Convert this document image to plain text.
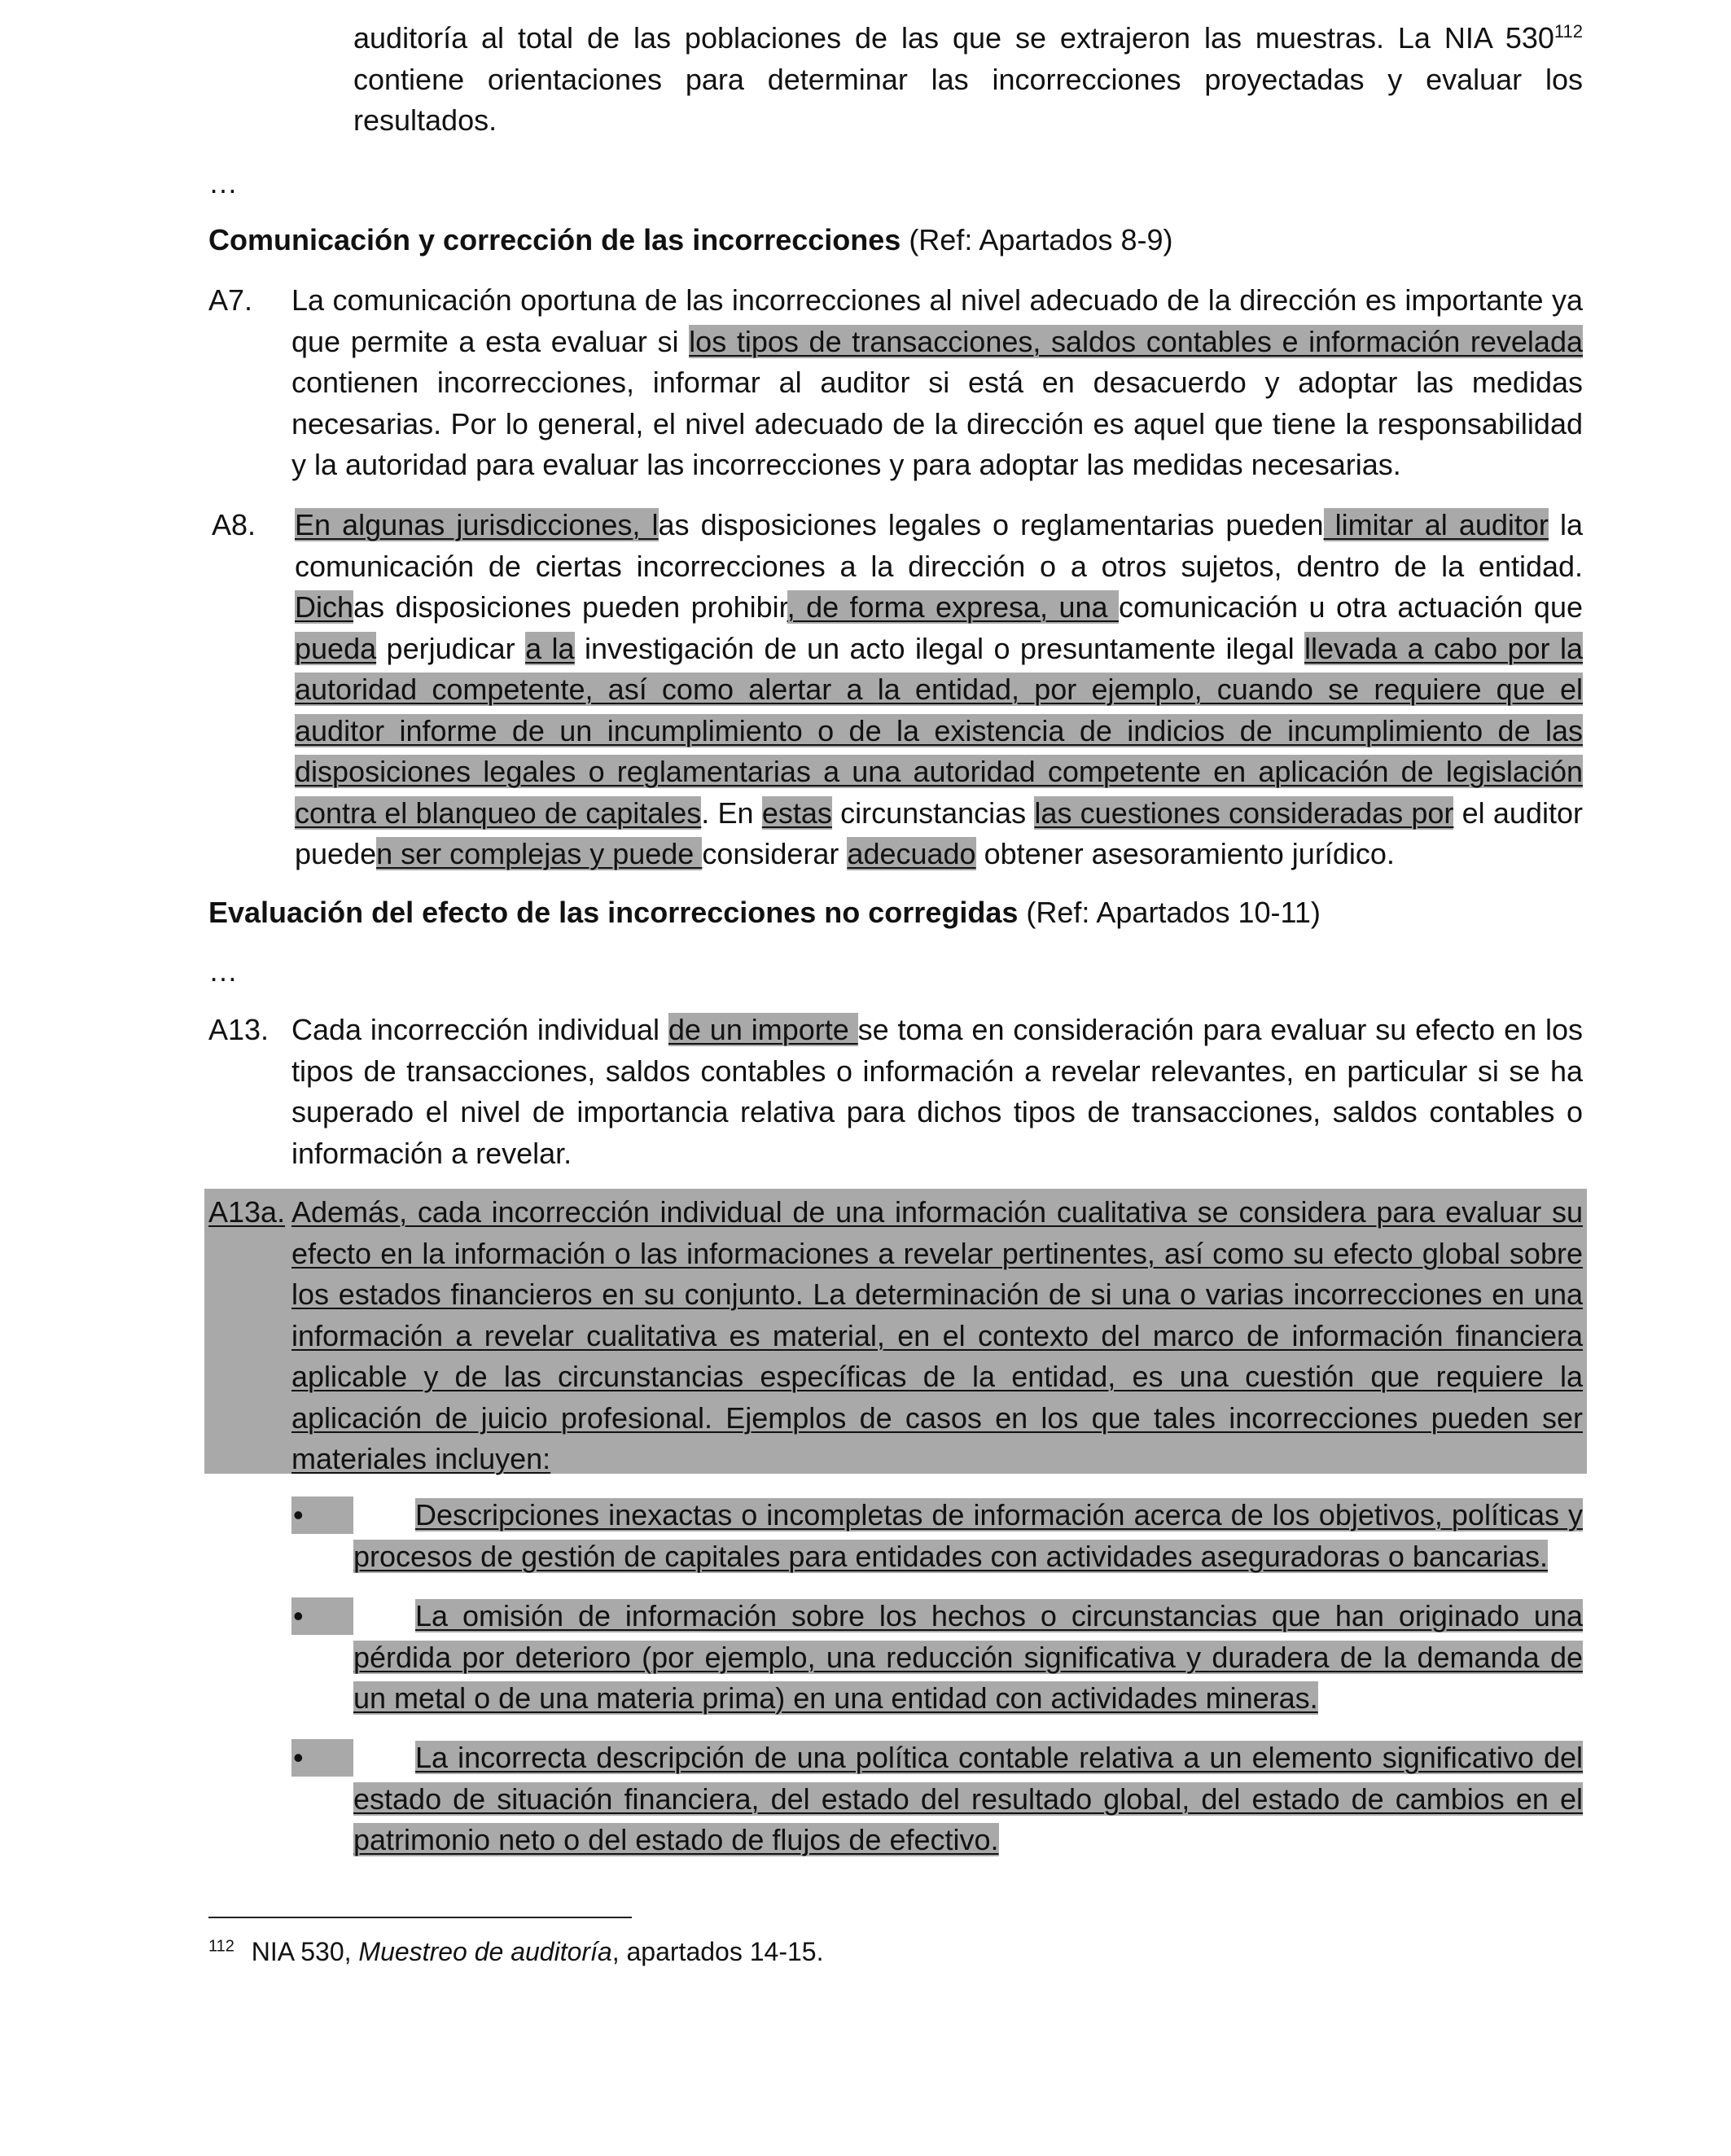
auditoría al total de las poblaciones de las que se extrajeron las muestras. La NIA $530^{112}$ contiene orientaciones para determinar las incorrecciones proyectadas y evaluar los resultados.
…
Comunicación y corrección de las incorrecciones (Ref: Apartados 8-9)
A7. La comunicación oportuna de las incorrecciones al nivel adecuado de la dirección es importante ya que permite a esta evaluar si los tipos de transacciones, saldos contables e información revelada contienen incorrecciones, informar al auditor si está en desacuerdo y adoptar las medidas necesarias. Por lo general, el nivel adecuado de la dirección es aquel que tiene la responsabilidad y la autoridad para evaluar las incorrecciones y para adoptar las medidas necesarias.
A8. En algunas jurisdicciones, las disposiciones legales o reglamentarias pueden limitar al auditor la comunicación de ciertas incorrecciones a la dirección o a otros sujetos, dentro de la entidad. Dichas disposiciones pueden prohibir, de forma expresa, una comunicación u otra actuación que pueda perjudicar a la investigación de un acto ilegal o presuntamente ilegal llevada a cabo por la autoridad competente, así como alertar a la entidad, por ejemplo, cuando se requiere que el auditor informe de un incumplimiento o de la existencia de indicios de incumplimiento de las disposiciones legales o reglamentarias a una autoridad competente en aplicación de legislación contra el blanqueo de capitales. En estas circunstancias las cuestiones consideradas por el auditor pueden ser complejas y puede considerar adecuado obtener asesoramiento jurídico.
Evaluación del efecto de las incorrecciones no corregidas (Ref: Apartados 10-11)
…
A13. Cada incorrección individual de un importe se toma en consideración para evaluar su efecto en los tipos de transacciones, saldos contables o información a revelar relevantes, en particular si se ha superado el nivel de importancia relativa para dichos tipos de transacciones, saldos contables o información a revelar.
A13a. Además, cada incorrección individual de una información cualitativa se considera para evaluar su efecto en la información o las informaciones a revelar pertinentes, así como su efecto global sobre los estados financieros en su conjunto. La determinación de si una o varias incorrecciones en una información a revelar cualitativa es material, en el contexto del marco de información financiera aplicable y de las circunstancias específicas de la entidad, es una cuestión que requiere la aplicación de juicio profesional. Ejemplos de casos en los que tales incorrecciones pueden ser materiales incluyen:
•	Descripciones inexactas o incompletas de información acerca de los objetivos, políticas y procesos de gestión de capitales para entidades con actividades aseguradoras o bancarias.
•	La omisión de información sobre los hechos o circunstancias que han originado una pérdida por deterioro (por ejemplo, una reducción significativa y duradera de la demanda de un metal o de una materia prima) en una entidad con actividades mineras.
•	La incorrecta descripción de una política contable relativa a un elemento significativo del estado de situación financiera, del estado del resultado global, del estado de cambios en el patrimonio neto o del estado de flujos de efectivo.
$^{112}$ NIA 530, Muestreo de auditoría, apartados 14-15.
